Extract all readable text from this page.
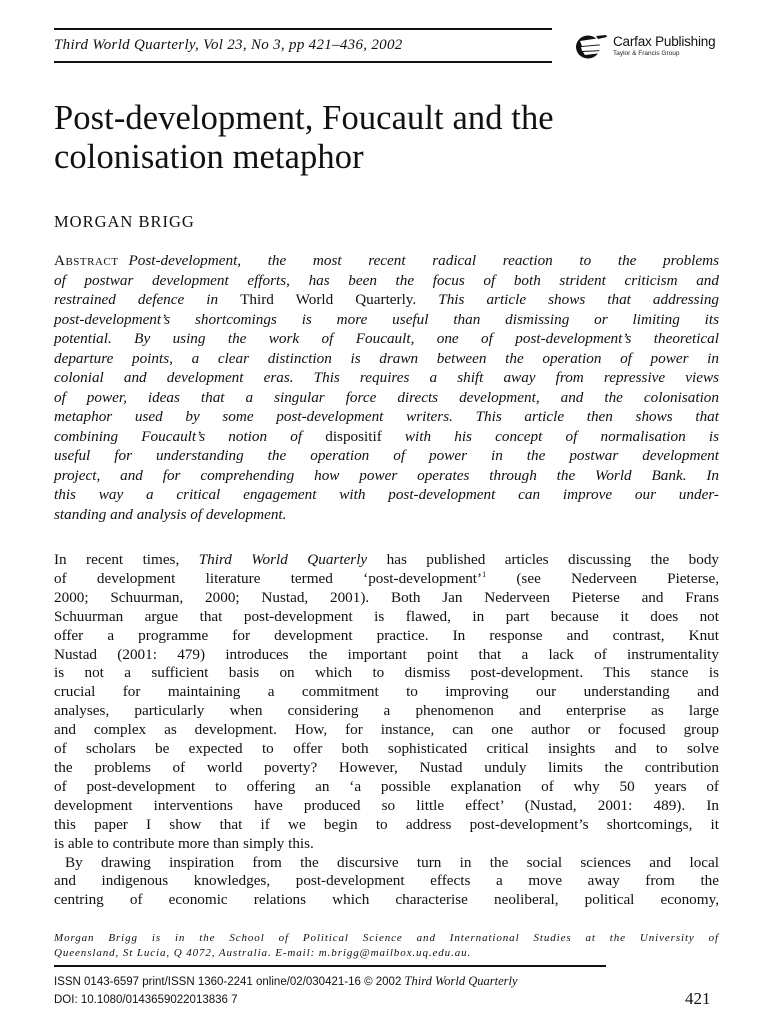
Third World Quarterly, Vol 23, No 3, pp 421–436, 2002	Carfax Publishing
Taylor & Francis Group
Post-development, Foucault and the
colonisation metaphor
MORGAN BRIGG
Abstract Post-development, the most recent radical reaction to the problems
of postwar development efforts, has been the focus of both strident criticism and
restrained defence in Third World Quarterly. This article shows that addressing
post-development’s shortcomings is more useful than dismissing or limiting its
potential. By using the work of Foucault, one of post-development’s theoretical
departure points, a clear distinction is drawn between the operation of power in
colonial and development eras. This requires a shift away from repressive views
of power, ideas that a singular force directs development, and the colonisation
metaphor used by some post-development writers. This article then shows that
combining Foucault’s notion of dispositif with his concept of normalisation is
useful for understanding the operation of power in the postwar development
project, and for comprehending how power operates through the World Bank. In
this way a critical engagement with post-development can improve our under-
standing and analysis of development.
In recent times, Third World Quarterly has published articles discussing the body
of development literature termed ‘post-development’$^1$ (see Nederveen Pieterse,
2000; Schuurman, 2000; Nustad, 2001). Both Jan Nederveen Pieterse and Frans
Schuurman argue that post-development is flawed, in part because it does not
offer a programme for development practice. In response and contrast, Knut
Nustad (2001: 479) introduces the important point that a lack of instrumentality
is not a sufficient basis on which to dismiss post-development. This stance is
crucial for maintaining a commitment to improving our understanding and
analyses, particularly when considering a phenomenon and enterprise as large
and complex as development. How, for instance, can one author or focused group
of scholars be expected to offer both sophisticated critical insights and to solve
the problems of world poverty? However, Nustad unduly limits the contribution
of post-development to offering an ‘a possible explanation of why 50 years of
development interventions have produced so little effect’ (Nustad, 2001: 489). In
this paper I show that if we begin to address post-development’s shortcomings, it
is able to contribute more than simply this.
By drawing inspiration from the discursive turn in the social sciences and local
and indigenous knowledges, post-development effects a move away from the
centring of economic relations which characterise neoliberal, political economy,
Morgan Brigg is in the School of Political Science and International Studies at the University of
Queensland, St Lucia, Q 4072, Australia. E-mail: m.brigg@mailbox.uq.edu.au.
ISSN 0143-6597 print/ISSN 1360-2241 online/02/030421-16 © 2002 Third World Quarterly
DOI: 10.1080/0143659022013836 7	421
